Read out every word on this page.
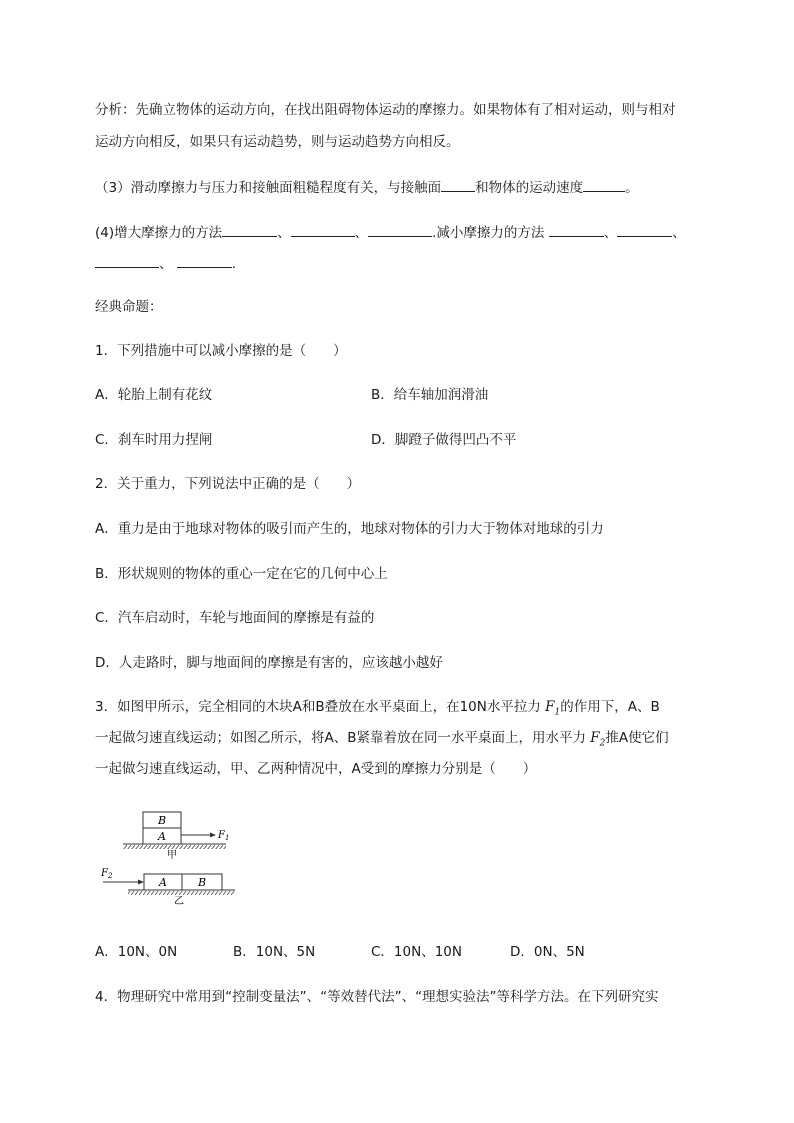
分析：先确立物体的运动方向，在找出阻碍物体运动的摩擦力。如果物体有了相对运动，则与相对
运动方向相反，如果只有运动趋势，则与运动趋势方向相反。
（3）滑动摩擦力与压力和接触面粗糙程度有关，与接触面	和物体的运动速度	。
(4)增大摩擦力的方法	、	、	.减小摩擦力的方法	、	、
、	.
经典命题：
1．下列措施中可以减小摩擦的是（　　）
A．轮胎上制有花纹	B．给车轴加润滑油
C．刹车时用力捏闸	D．脚蹬子做得凹凸不平
2．关于重力，下列说法中正确的是（　　）
A．重力是由于地球对物体的吸引而产生的，地球对物体的引力大于物体对地球的引力
B．形状规则的物体的重心一定在它的几何中心上
C．汽车启动时，车轮与地面间的摩擦是有益的
D．人走路时，脚与地面间的摩擦是有害的，应该越小越好
3．如图甲所示，完全相同的木块A和B叠放在水平桌面上，在10N水平拉力 $F_1$的作用下，A、B
一起做匀速直线运动；如图乙所示，将A、B紧靠着放在同一水平桌面上，用水平力 $F_2$推A使它们
一起做匀速直线运动，甲、乙两种情况中，A受到的摩擦力分别是（　　）
B
A	$F_1$
甲
$F_2$	A	B
乙
A．10N、0N	B．10N、5N	C．10N、10N	D．0N、5N
4．物理研究中常用到“控制变量法”、“等效替代法”、“理想实验法”等科学方法。在下列研究实
